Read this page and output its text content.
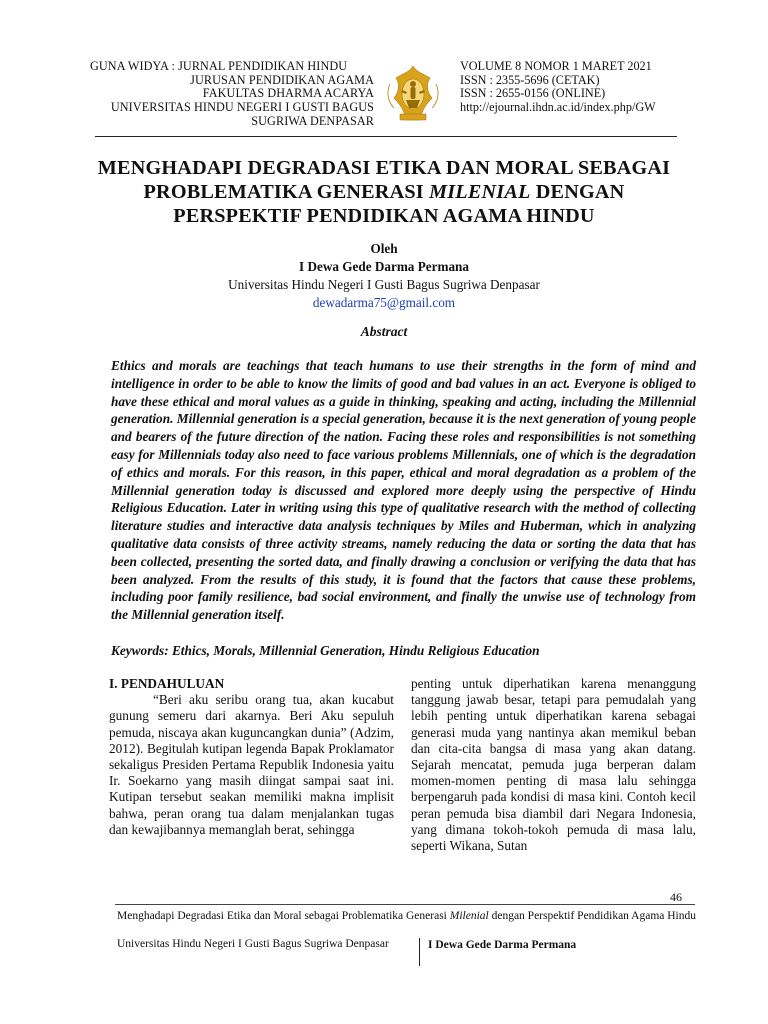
GUNA WIDYA : JURNAL PENDIDIKAN HINDU
JURUSAN PENDIDIKAN AGAMA
FAKULTAS DHARMA ACARYA
UNIVERSITAS HINDU NEGERI I GUSTI BAGUS
SUGRIWA DENPASAR
VOLUME 8 NOMOR 1 MARET 2021
ISSN : 2355-5696 (CETAK)
ISSN : 2655-0156 (ONLINE)
http://ejournal.ihdn.ac.id/index.php/GW
MENGHADAPI DEGRADASI ETIKA DAN MORAL SEBAGAI
PROBLEMATIKA GENERASI MILENIAL DENGAN
PERSPEKTIF PENDIDIKAN AGAMA HINDU
Oleh
I Dewa Gede Darma Permana
Universitas Hindu Negeri I Gusti Bagus Sugriwa Denpasar
dewadarma75@gmail.com
Abstract

Ethics and morals are teachings that teach humans to use their strengths in the form of mind and intelligence in order to be able to know the limits of good and bad values in an act. Everyone is obliged to have these ethical and moral values as a guide in thinking, speaking and acting, including the Millennial generation. Millennial generation is a special generation, because it is the next generation of young people and bearers of the future direction of the nation. Facing these roles and responsibilities is not something easy for Millennials today also need to face various problems Millennials, one of which is the degradation of ethics and morals. For this reason, in this paper, ethical and moral degradation as a problem of the Millennial generation today is discussed and explored more deeply using the perspective of Hindu Religious Education. Later in writing using this type of qualitative research with the method of collecting literature studies and interactive data analysis techniques by Miles and Huberman, which in analyzing qualitative data consists of three activity streams, namely reducing the data or sorting the data that has been collected, presenting the sorted data, and finally drawing a conclusion or verifying the data that has been analyzed. From the results of this study, it is found that the factors that cause these problems, including poor family resilience, bad social environment, and finally the unwise use of technology from the Millennial generation itself.

Keywords: Ethics, Morals, Millennial Generation, Hindu Religious Education

I. PENDAHULUAN

“Beri aku seribu orang tua, akan kucabut gunung semeru dari akarnya. Beri Aku sepuluh pemuda, niscaya akan kuguncangkan dunia” (Adzim, 2012). Begitulah kutipan legenda Bapak Proklamator sekaligus Presiden Pertama Republik Indonesia yaitu Ir. Soekarno yang masih diingat sampai saat ini. Kutipan tersebut seakan memiliki makna implisit bahwa, peran orang tua dalam menjalankan tugas dan kewajibannya memanglah berat, sehingga

penting untuk diperhatikan karena menanggung tanggung jawab besar, tetapi para pemudalah yang lebih penting untuk diperhatikan karena sebagai generasi muda yang nantinya akan memikul beban dan cita-cita bangsa di masa yang akan datang. Sejarah mencatat, pemuda juga berperan dalam momen-momen penting di masa lalu sehingga berpengaruh pada kondisi di masa kini. Contoh kecil peran pemuda bisa diambil dari Negara Indonesia, yang dimana tokoh-tokoh pemuda di masa lalu, seperti Wikana, Sutan

46
Menghadapi Degradasi Etika dan Moral sebagai Problematika Generasi Milenial dengan Perspektif Pendidikan Agama Hindu
Universitas Hindu Negeri I Gusti Bagus Sugriwa Denpasar	I Dewa Gede Darma Permana
